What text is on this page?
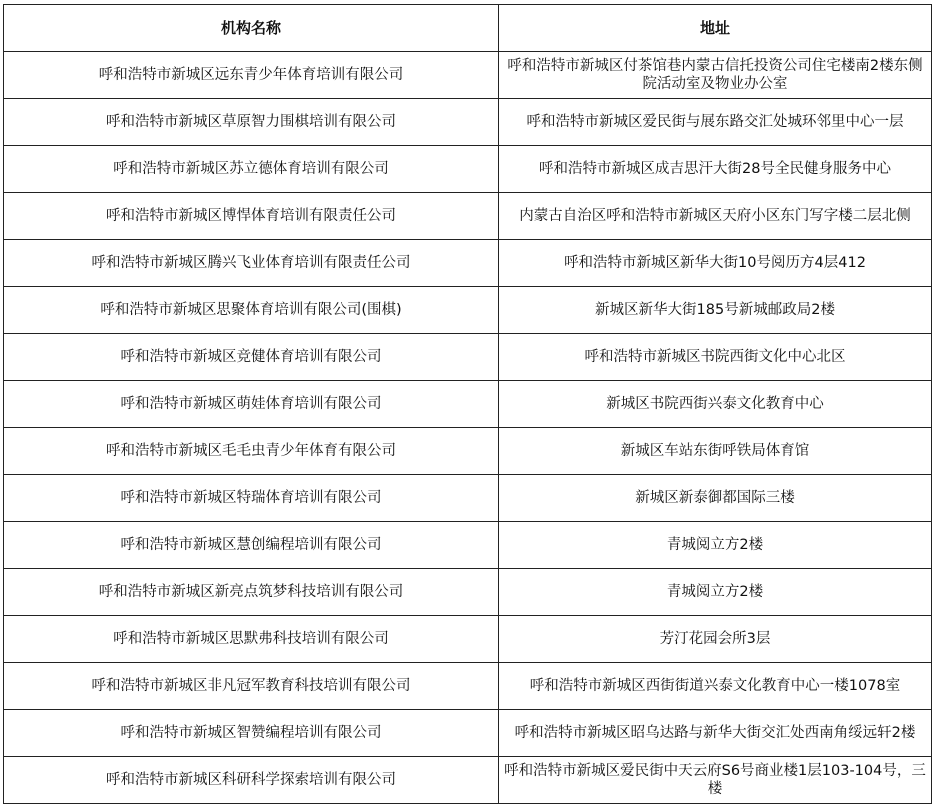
机构名称	地址
呼和浩特市新城区远东青少年体育培训有限公司	呼和浩特市新城区付茶馆巷内蒙古信托投资公司住宅楼南2楼东侧院活动室及物业办公室
呼和浩特市新城区草原智力围棋培训有限公司	呼和浩特市新城区爱民街与展东路交汇处城环邻里中心一层
呼和浩特市新城区苏立德体育培训有限公司	呼和浩特市新城区成吉思汗大街28号全民健身服务中心
呼和浩特市新城区博悍体育培训有限责任公司	内蒙古自治区呼和浩特市新城区天府小区东门写字楼二层北侧
呼和浩特市新城区腾兴飞业体育培训有限责任公司	呼和浩特市新城区新华大街10号阅历方4层412
呼和浩特市新城区思聚体育培训有限公司(围棋)	新城区新华大街185号新城邮政局2楼
呼和浩特市新城区竞健体育培训有限公司	呼和浩特市新城区书院西街文化中心北区
呼和浩特市新城区萌娃体育培训有限公司	新城区书院西街兴泰文化教育中心
呼和浩特市新城区毛毛虫青少年体育有限公司	新城区车站东街呼铁局体育馆
呼和浩特市新城区特瑞体育培训有限公司	新城区新泰御都国际三楼
呼和浩特市新城区慧创编程培训有限公司	青城阅立方2楼
呼和浩特市新城区新亮点筑梦科技培训有限公司	青城阅立方2楼
呼和浩特市新城区思默弗科技培训有限公司	芳汀花园会所3层
呼和浩特市新城区非凡冠军教育科技培训有限公司	呼和浩特市新城区西街街道兴泰文化教育中心一楼1078室
呼和浩特市新城区智赞编程培训有限公司	呼和浩特市新城区昭乌达路与新华大街交汇处西南角绥远轩2楼
呼和浩特市新城区科研科学探索培训有限公司	呼和浩特市新城区爱民街中天云府S6号商业楼1层103-104号，三楼
